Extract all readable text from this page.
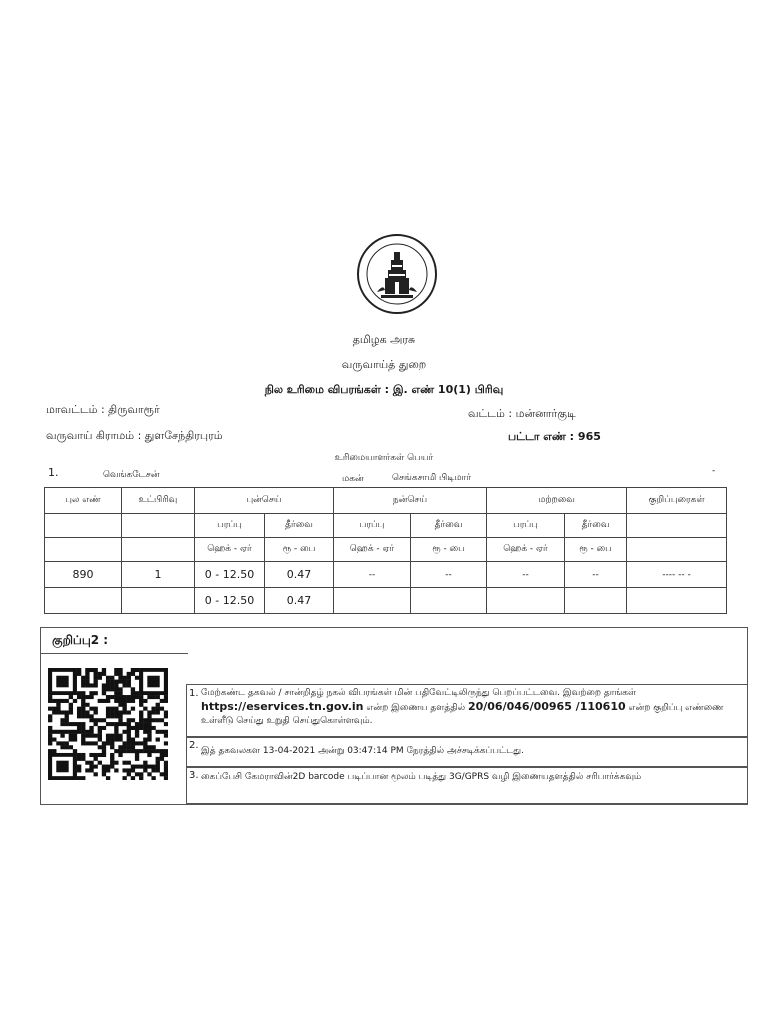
தமிழக அரசு
வருவாய்த் துறை
நில உரிமை விபரங்கள் : இ. எண் 10(1) பிரிவு
மாவட்டம் : திருவாரூர்	வட்டம் : மன்னார்குடி
வருவாய் கிராமம் : துளசேந்திரபுரம்	பட்டா எண் : 965
உரிமையாளர்கள் பெயர்
1.	வெங்கடேசன்	மகன்	செங்கசாமி பிடிமார்
-
புல எண்	உட்பிரிவு	புன்செய்		நன்செய்		மற்றவை		குறிப்புரைகள்
		பரப்பு	தீர்வை	பரப்பு	தீர்வை	பரப்பு	தீர்வை	
		ஹெக் - ஏர்	ரூ - பை	ஹெக் - ஏர்	ரூ - பை	ஹெக் - ஏர்	ரூ - பை	
890	1	0 - 12.50	0.47	--	--	--	--	---- -- -
		0 - 12.50	0.47					
குறிப்பு2 :
1. மேற்கண்ட தகவல் / சான்றிதழ் நகல் விபரங்கள் மின் பதிவேட்டிலிருந்து பெறப்பட்டவை. இவற்றை தாங்கள் https://eservices.tn.gov.in என்ற இணைய தளத்தில் 20/06/046/00965 /110610 என்ற குறிப்பு எண்ணை உள்ளீடு செய்து உறுதி செய்துகொள்ளவும்.
2. இத் தகவலகள 13-04-2021 அன்று 03:47:14 PM நேரத்தில் அச்சடிக்கப்பட்டது.
3. கைப்பேசி கேமராவின்2D barcode படிப்பான மூலம் படித்து 3G/GPRS வழி இணையதளத்தில் சரிபார்க்கவும்
